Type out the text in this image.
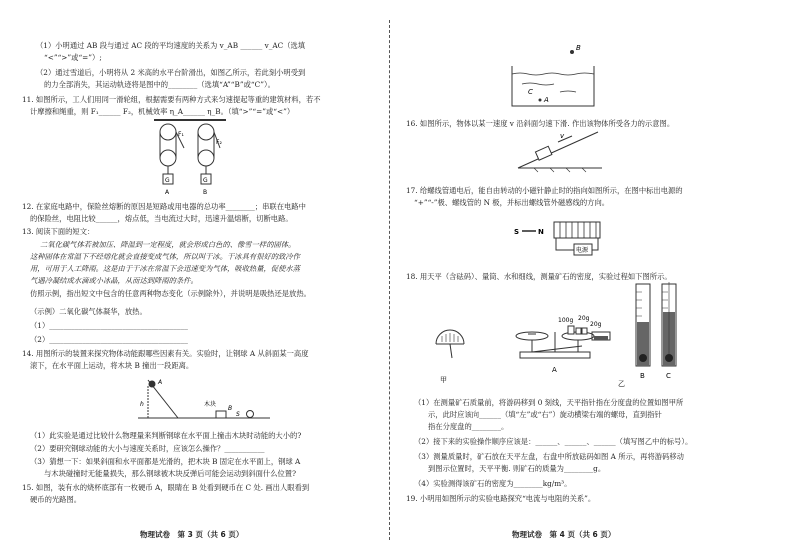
（1）小明通过 AB 段与通过 AC 段的平均速度的关系为 v_AB ______ v_AC（选填
“<”“>”或“=”）;
（2）通过雪道后，小明将从 2 米高的水平台阶滑出，如图乙所示，若此刻小明受到
的力全部消失，其运动轨迹将是图中的________（选填“A”“B”或“C”）。
11. 如图所示，工人们用同一滑轮组，根据需要有两种方式来匀速提起等重的建筑材料，若不
计摩擦和绳重，则 F₁______ F₂，机械效率 η_A______ η_B。（填“>”“=”或“<”）
F₁
F₂
G	G
A	B
12. 在家庭电路中，保险丝熔断的原因是短路或用电器的总功率________；串联在电路中
的保险丝，电阻比较______，熔点低，当电流过大时，迅速升温熔断，切断电路。
13. 阅读下面的短文：
二氧化碳气体若被加压、降温到一定程度，就会形成白色的、像雪一样的固体。
这种固体在常温下不经熔化就会直接变成气体，所以叫干冰。干冰具有很好的致冷作
用，可用于人工降雨。这是由于干冰在常温下会迅速变为气体，吸收热量，促使水蒸
气遇冷凝结成水滴或小冰晶，从而达到降雨的条件。
仿照示例，指出短文中包含的任意两种物态变化（示例除外），并说明是吸热还是放热。
（示例）二氧化碳气体凝华，放热。
（1）______________________________________
（2）______________________________________
14. 用图所示的装置来探究物体动能跟哪些因素有关。实验时，让钢球 A 从斜面某一高度
滚下，在水平面上运动，将木块 B 撞出一段距离。
A
h	木块
B
S
（1）此实验是通过比较什么物理量来判断钢球在水平面上撞击木块时动能的大小的?
（2）要研究钢球动能的大小与速度关系时，应该怎么操作？___________
（3）猜想一下：如果斜面和水平面都是光滑的，把木块 B 固定在水平面上，钢球 A
与木块碰撞时无能量损失，那么钢球被木块反弹后可能会运动到斜面什么位置?
15. 如图，装有水的烧杯底部有一枚硬币 A，眼睛在 B 处看到硬币在 C 处. 画出人眼看到
硬币的光路图。
物理试卷　第 3 页（共 6 页）
B
C
A
16. 如图所示，物体以某一速度 v 沿斜面匀速下滑. 作出该物体所受各力的示意图。
v
17. 给螺线管通电后，能自由转动的小磁针静止时的指向如图所示，在图中标出电源的
“+”“-”极、螺线管的 N 极，并标出螺线管外磁感线的方向。
S	N
电源
18. 用天平（含砝码）、量筒、水和细线，测量矿石的密度，实验过程如下图所示。
甲
100g 20g
20g
A
B	C
乙
（1）在测量矿石质量前，将游码移到 0 刻线，天平指针指在分度盘的位置如图甲所
示，此时应该向______（填“左”或“右”）旋动横梁右端的螺母，直到指针
指在分度盘的________。
（2）接下来的实验操作顺序应该是：______、______、______（填写图乙中的标号）。
（3）测量质量时，矿石放在天平左盘，右盘中所放砝码如图 A 所示，再将游码移动
到图示位置时，天平平衡. 则矿石的质量为________g。
（4）实验测得该矿石的密度为________kg/m³。
19. 小明用如图所示的实验电路探究“电流与电阻的关系”。
物理试卷　第 4 页（共 6 页）
